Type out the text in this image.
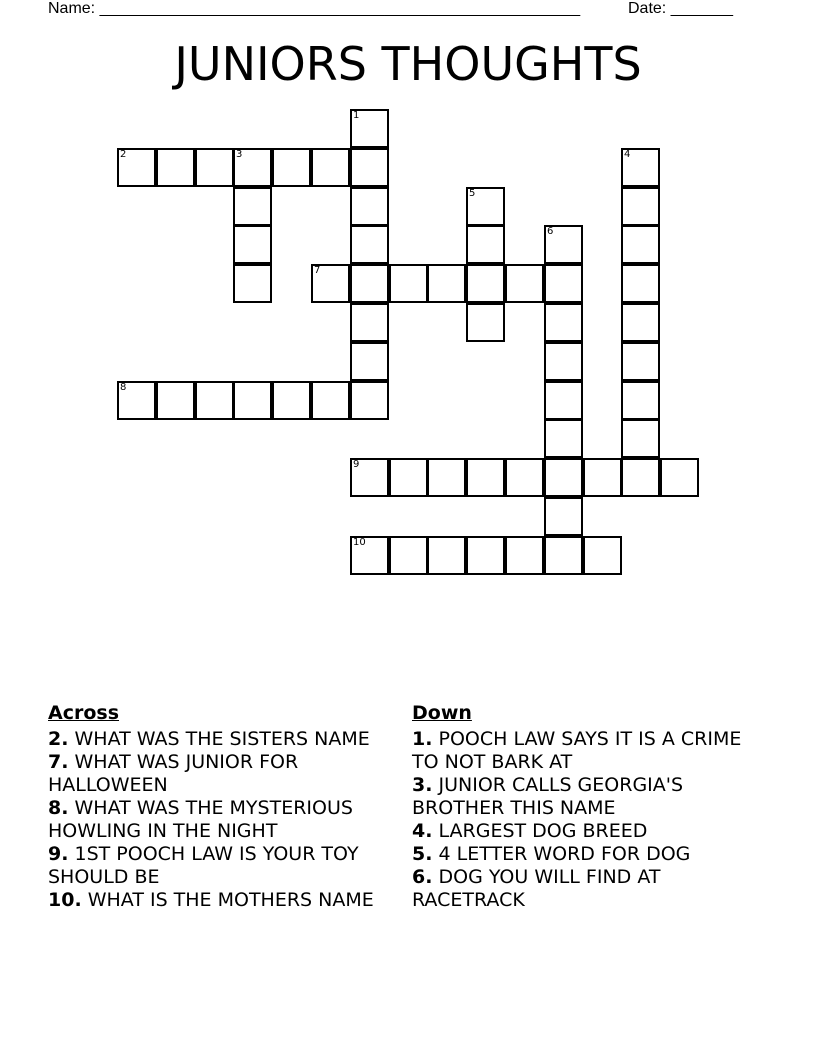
Name: ______________________________________________________	Date: _______
JUNIORS THOUGHTS
1
2	3	4
5
6
7
8
9
10
Across
2. WHAT WAS THE SISTERS NAME
7. WHAT WAS JUNIOR FOR HALLOWEEN
8. WHAT WAS THE MYSTERIOUS HOWLING IN THE NIGHT
9. 1ST POOCH LAW IS YOUR TOY SHOULD BE
10. WHAT IS THE MOTHERS NAME
Down
1. POOCH LAW SAYS IT IS A CRIME TO NOT BARK AT
3. JUNIOR CALLS GEORGIA'S BROTHER THIS NAME
4. LARGEST DOG BREED
5. 4 LETTER WORD FOR DOG
6. DOG YOU WILL FIND AT RACETRACK
